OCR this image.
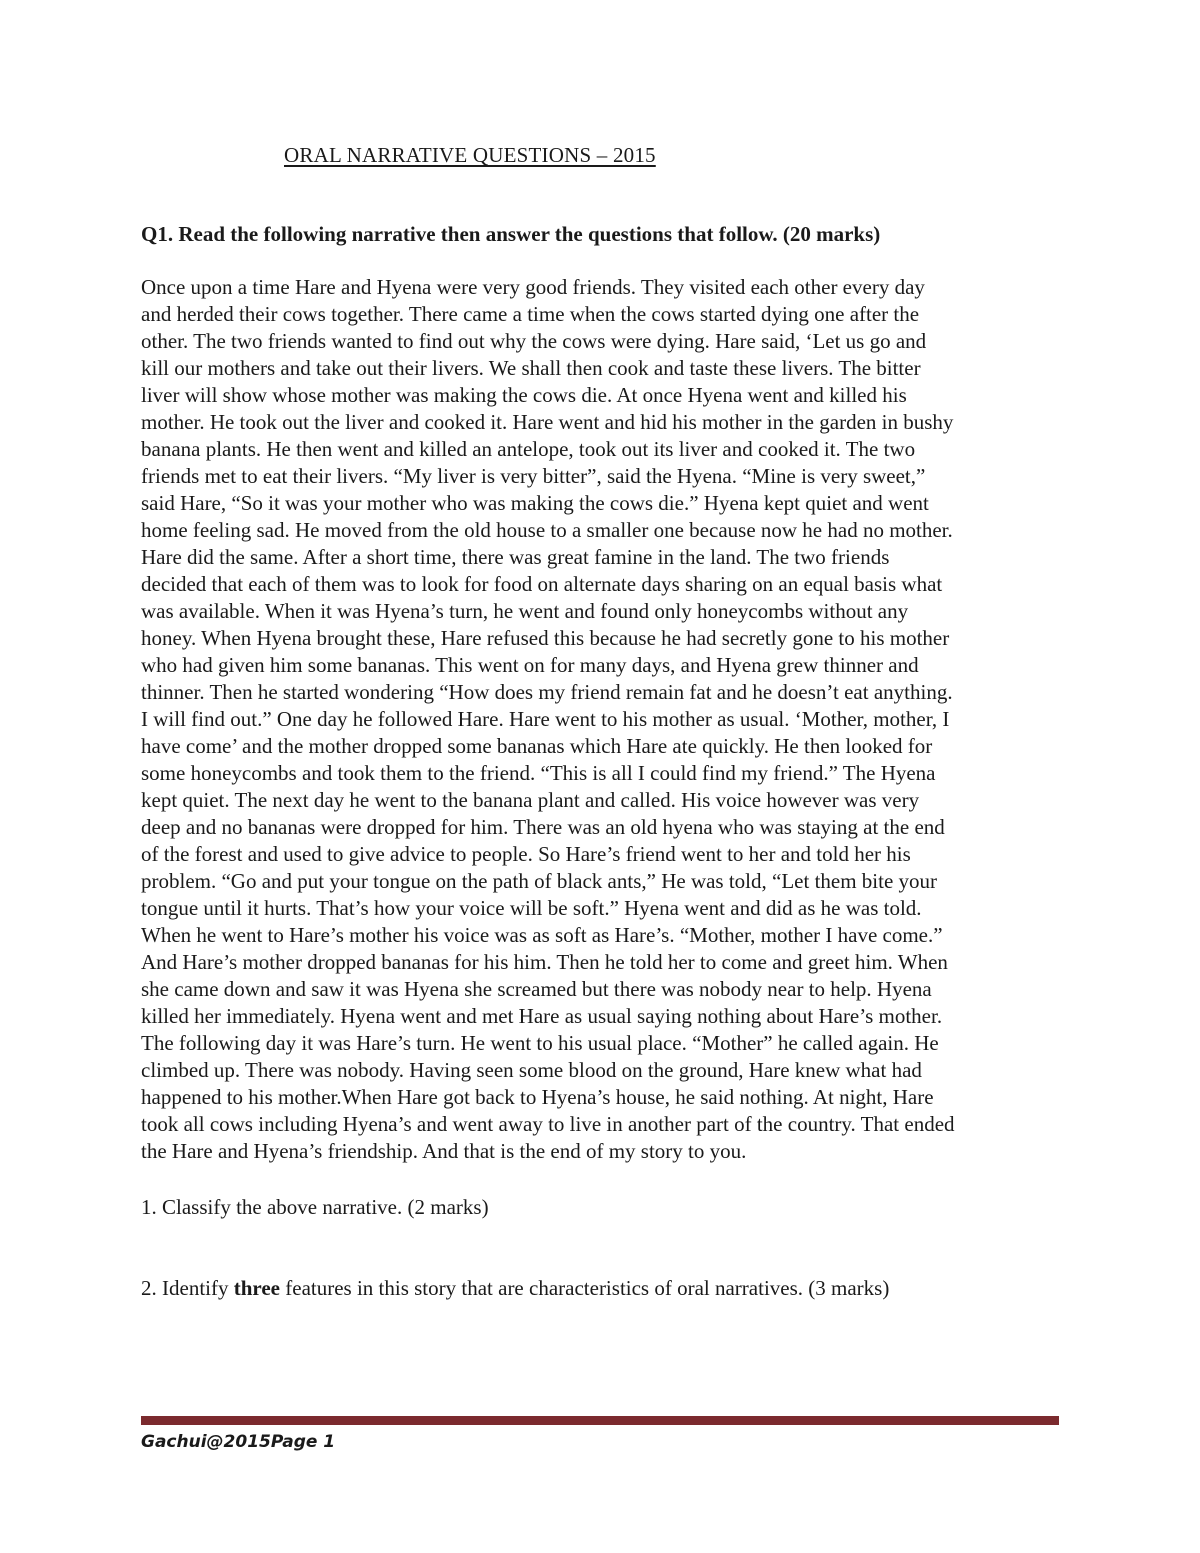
ORAL NARRATIVE QUESTIONS – 2015
Q1. Read the following narrative then answer the questions that follow. (20 marks)
Once upon a time Hare and Hyena were very good friends. They visited each other every day
and herded their cows together. There came a time when the cows started dying one after the
other. The two friends wanted to find out why the cows were dying. Hare said, ‘Let us go and
kill our mothers and take out their livers. We shall then cook and taste these livers. The bitter
liver will show whose mother was making the cows die. At once Hyena went and killed his
mother. He took out the liver and cooked it. Hare went and hid his mother in the garden in bushy
banana plants. He then went and killed an antelope, took out its liver and cooked it. The two
friends met to eat their livers. “My liver is very bitter”, said the Hyena. “Mine is very sweet,”
said Hare, “So it was your mother who was making the cows die.” Hyena kept quiet and went
home feeling sad. He moved from the old house to a smaller one because now he had no mother.
Hare did the same. After a short time, there was great famine in the land. The two friends
decided that each of them was to look for food on alternate days sharing on an equal basis what
was available. When it was Hyena’s turn, he went and found only honeycombs without any
honey. When Hyena brought these, Hare refused this because he had secretly gone to his mother
who had given him some bananas. This went on for many days, and Hyena grew thinner and
thinner. Then he started wondering “How does my friend remain fat and he doesn’t eat anything.
I will find out.” One day he followed Hare. Hare went to his mother as usual. ‘Mother, mother, I
have come’ and the mother dropped some bananas which Hare ate quickly. He then looked for
some honeycombs and took them to the friend. “This is all I could find my friend.” The Hyena
kept quiet. The next day he went to the banana plant and called. His voice however was very
deep and no bananas were dropped for him. There was an old hyena who was staying at the end
of the forest and used to give advice to people. So Hare’s friend went to her and told her his
problem. “Go and put your tongue on the path of black ants,” He was told, “Let them bite your
tongue until it hurts. That’s how your voice will be soft.” Hyena went and did as he was told.
When he went to Hare’s mother his voice was as soft as Hare’s. “Mother, mother I have come.”
And Hare’s mother dropped bananas for his him. Then he told her to come and greet him. When
she came down and saw it was Hyena she screamed but there was nobody near to help. Hyena
killed her immediately. Hyena went and met Hare as usual saying nothing about Hare’s mother.
The following day it was Hare’s turn. He went to his usual place. “Mother” he called again. He
climbed up. There was nobody. Having seen some blood on the ground, Hare knew what had
happened to his mother.When Hare got back to Hyena’s house, he said nothing. At night, Hare
took all cows including Hyena’s and went away to live in another part of the country. That ended
the Hare and Hyena’s friendship. And that is the end of my story to you.
1. Classify the above narrative. (2 marks)
2. Identify three features in this story that are characteristics of oral narratives. (3 marks)
Gachui@2015Page 1
